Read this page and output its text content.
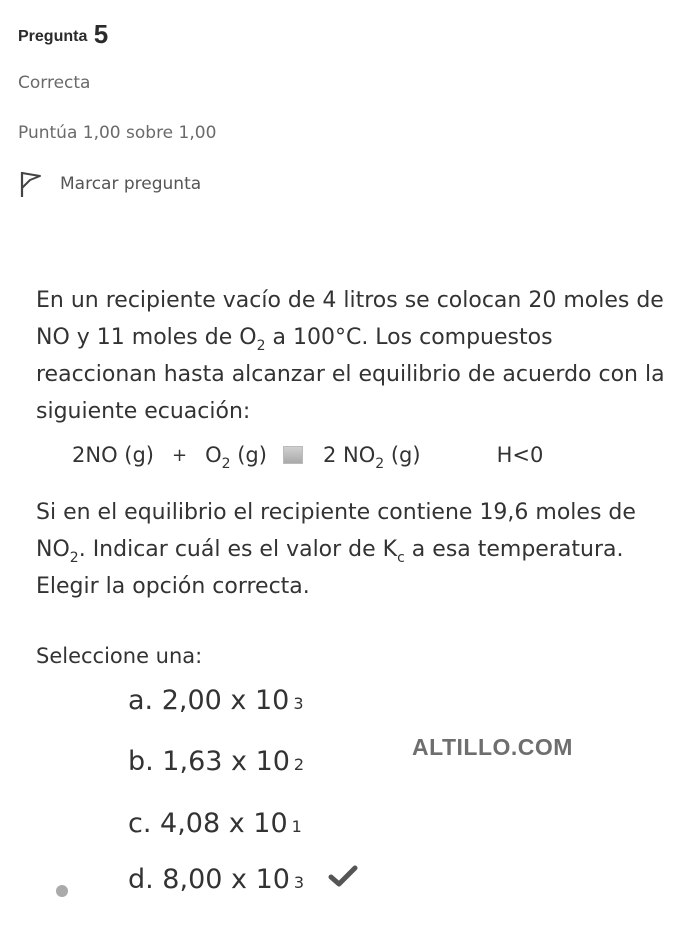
Pregunta 5
Correcta
Puntúa 1,00 sobre 1,00
Marcar pregunta

En un recipiente vacío de 4 litros se colocan 20 moles de NO y 11 moles de $O_2$ a 100°C. Los compuestos reaccionan hasta alcanzar el equilibrio de acuerdo con la siguiente ecuación:

2NO $(g) + O_2$ (g)	2 $NO_2$ (g)	H<0
Si en el equilibrio el recipiente contiene 19,6 moles de $NO_2$. Indicar cuál es el valor de $K_c$ a esa temperatura. Elegir la opción correcta.
Seleccione una:
a. 2,00 x 10 3
b. 1,63 x 10 2
c. 4,08 x 10 1
d. 8,00 x 10 3
ALTILLO.COM
